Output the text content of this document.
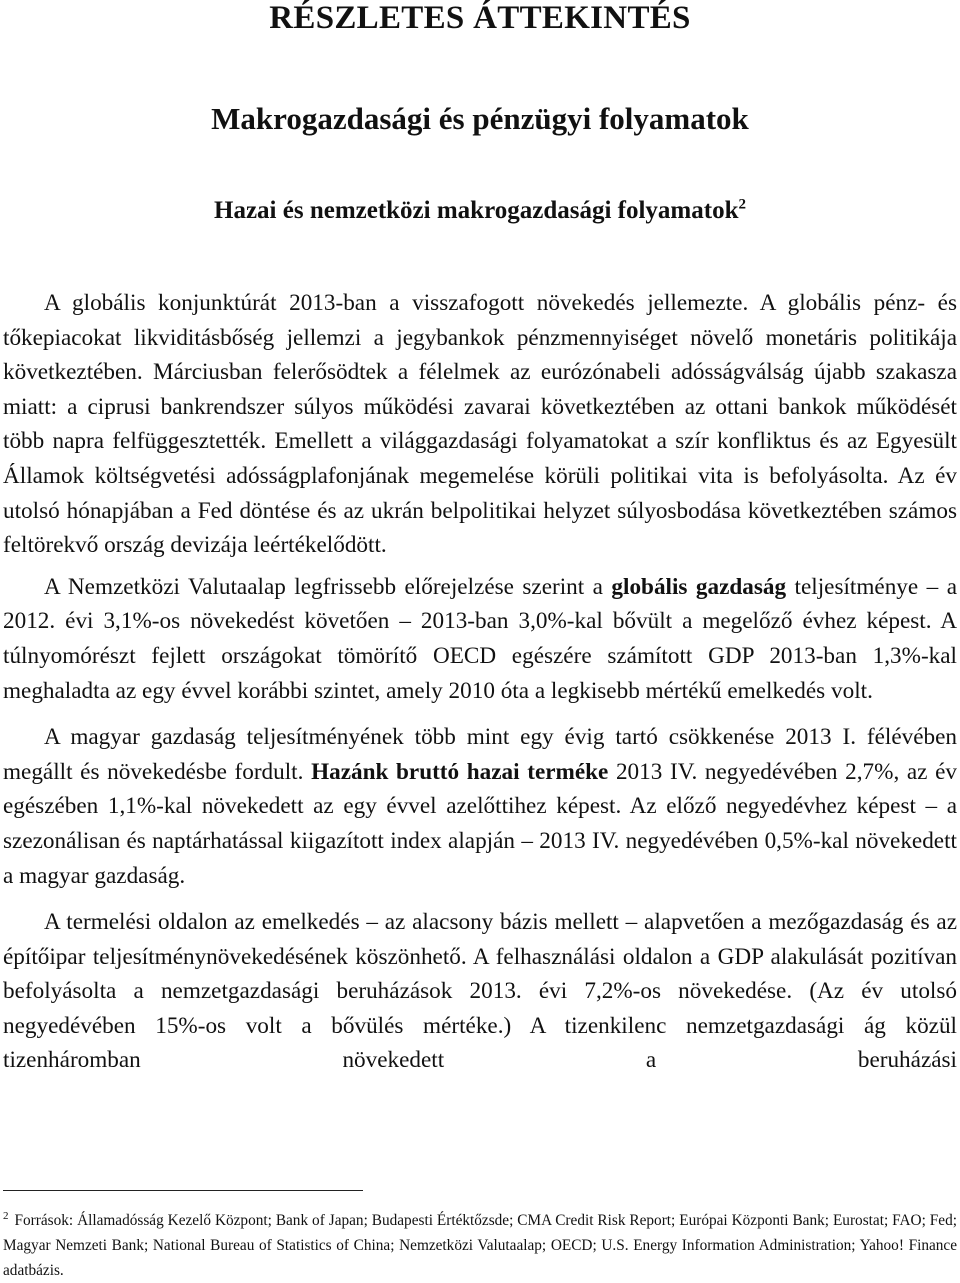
RÉSZLETES ÁTTEKINTÉS
Makrogazdasági és pénzügyi folyamatok
Hazai és nemzetközi makrogazdasági folyamatok$^2$

A globális konjunktúrát 2013-ban a visszafogott növekedés jellemezte. A globális pénz- és tőkepiacokat likviditásbőség jellemzi a jegybankok pénzmennyiséget növelő monetáris politikája következtében. Márciusban felerősödtek a félelmek az eurózónabeli adósságválság újabb szakasza miatt: a ciprusi bankrendszer súlyos működési zavarai következtében az ottani bankok működését több napra felfüggesztették. Emellett a világgazdasági folyamatokat a szír konfliktus és az Egyesült Államok költségvetési adósságplafonjának megemelése körüli politikai vita is befolyásolta. Az év utolsó hónapjában a Fed döntése és az ukrán belpolitikai helyzet súlyosbodása következtében számos feltörekvő ország devizája leértékelődött.

A Nemzetközi Valutaalap legfrissebb előrejelzése szerint a globális gazdaság teljesítménye – a 2012. évi 3,1%-os növekedést követően – 2013-ban 3,0%-kal bővült a megelőző évhez képest. A túlnyomórészt fejlett országokat tömörítő OECD egészére számított GDP 2013-ban 1,3%-kal meghaladta az egy évvel korábbi szintet, amely 2010 óta a legkisebb mértékű emelkedés volt.

A magyar gazdaság teljesítményének több mint egy évig tartó csökkenése 2013 I. félévében megállt és növekedésbe fordult. Hazánk bruttó hazai terméke 2013 IV. negyedévében 2,7%, az év egészében 1,1%-kal növekedett az egy évvel azelőttihez képest. Az előző negyedévhez képest – a szezonálisan és naptárhatással kiigazított index alapján – 2013 IV. negyedévében 0,5%-kal növekedett a magyar gazdaság.

A termelési oldalon az emelkedés – az alacsony bázis mellett – alapvetően a mezőgazdaság és az építőipar teljesítménynövekedésének köszönhető. A felhasználási oldalon a GDP alakulását pozitívan befolyásolta a nemzetgazdasági beruházások 2013. évi 7,2%-os növekedése. (Az év utolsó negyedévében 15%-os volt a bővülés mértéke.) A tizenkilenc nemzetgazdasági ág közül tizenháromban növekedett a beruházási

$^2$ Források: Államadósság Kezelő Központ; Bank of Japan; Budapesti Értéktőzsde; CMA Credit Risk Report; Európai Központi Bank; Eurostat; FAO; Fed; Magyar Nemzeti Bank; National Bureau of Statistics of China; Nemzetközi Valutaalap; OECD; U.S. Energy Information Administration; Yahoo! Finance adatbázis.
